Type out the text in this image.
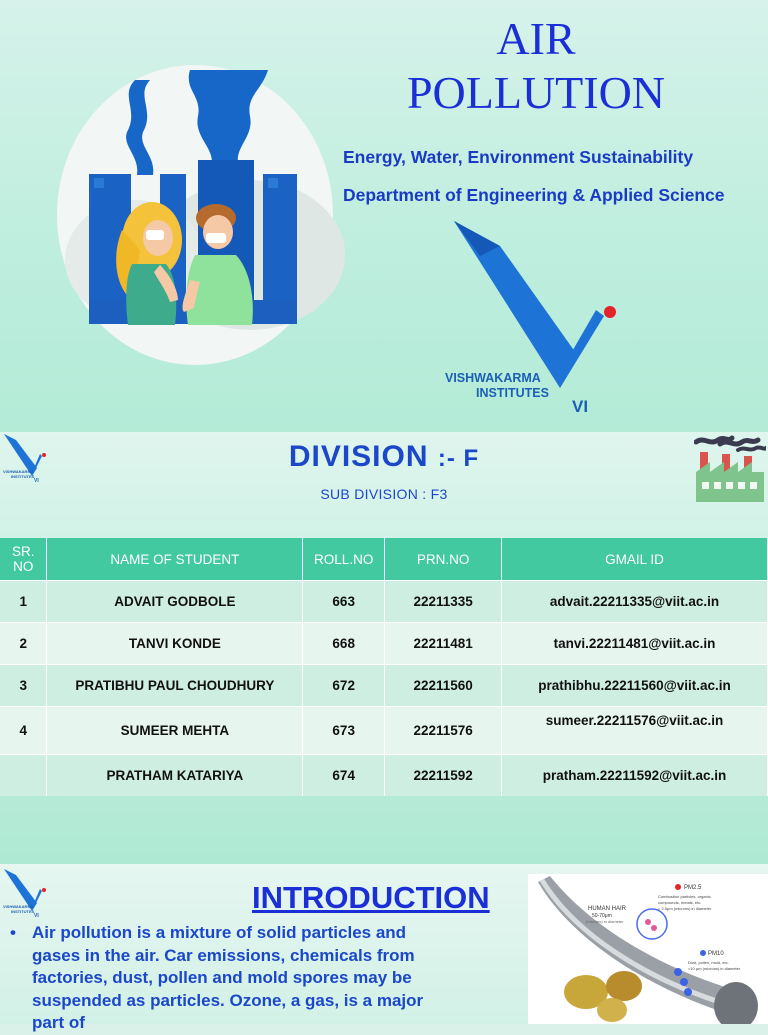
AIR
POLLUTION
Energy, Water, Environment Sustainability
Department of Engineering & Applied Science
VISHWAKARMA
INSTITUTES
VI
VISHWAKARMA
INSTITUTES
VI
DIVISION :- F
SUB DIVISION : F3
SR. NO	NAME OF STUDENT	ROLL.NO	PRN.NO	GMAIL ID
1	ADVAIT GODBOLE	663	22211335	advait.22211335@viit.ac.in
2	TANVI KONDE	668	22211481	tanvi.22211481@viit.ac.in
3	PRATIBHU PAUL CHOUDHURY	672	22211560	prathibhu.22211560@viit.ac.in
4	SUMEER MEHTA	673	22211576	sumeer.22211576@viit.ac.in
	PRATHAM KATARIYA	674	22211592	pratham.22211592@viit.ac.in
VISHWAKARMA
INSTITUTES
VI
HUMAN HAIR
50-70μm
(microns) in diameter
PM2.5
Combustion particles, organic
compounds, metals, etc.
< 2.5μm (microns) in diameter
PM10
Dust, pollen, mold, etc.
<10 μm (microns) in diameter
90 μm (microns) in diameter
INTRODUCTION
• Air pollution is a mixture of solid particles and gases in the air. Car emissions, chemicals from factories, dust, pollen and mold spores may be suspended as particles. Ozone, a gas, is a major part of
